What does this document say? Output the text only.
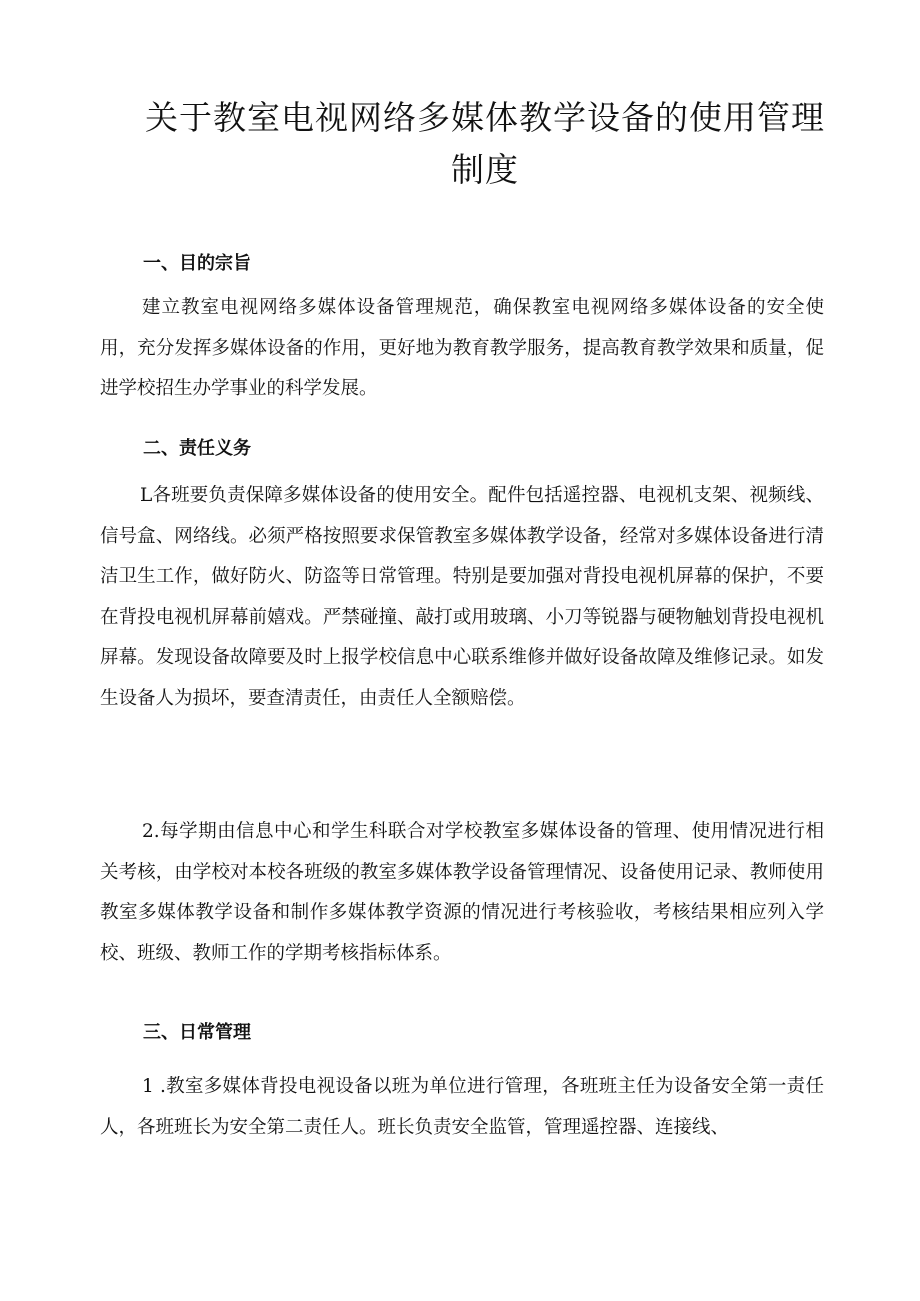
关于教室电视网络多媒体教学设备的使用管理制度
一、目的宗旨

建立教室电视网络多媒体设备管理规范，确保教室电视网络多媒体设备的安全使用，充分发挥多媒体设备的作用，更好地为教育教学服务，提高教育教学效果和质量，促进学校招生办学事业的科学发展。

二、责任义务

L各班要负责保障多媒体设备的使用安全。配件包括遥控器、电视机支架、视频线、信号盒、网络线。必须严格按照要求保管教室多媒体教学设备，经常对多媒体设备进行清洁卫生工作，做好防火、防盗等日常管理。特别是要加强对背投电视机屏幕的保护，不要在背投电视机屏幕前嬉戏。严禁碰撞、敲打或用玻璃、小刀等锐器与硬物触划背投电视机屏幕。发现设备故障要及时上报学校信息中心联系维修并做好设备故障及维修记录。如发生设备人为损坏，要查清责任，由责任人全额赔偿。

2.每学期由信息中心和学生科联合对学校教室多媒体设备的管理、使用情况进行相关考核，由学校对本校各班级的教室多媒体教学设备管理情况、设备使用记录、教师使用教室多媒体教学设备和制作多媒体教学资源的情况进行考核验收，考核结果相应列入学校、班级、教师工作的学期考核指标体系。

三、日常管理

1 .教室多媒体背投电视设备以班为单位进行管理，各班班主任为设备安全第一责任人，各班班长为安全第二责任人。班长负责安全监管，管理遥控器、连接线、
